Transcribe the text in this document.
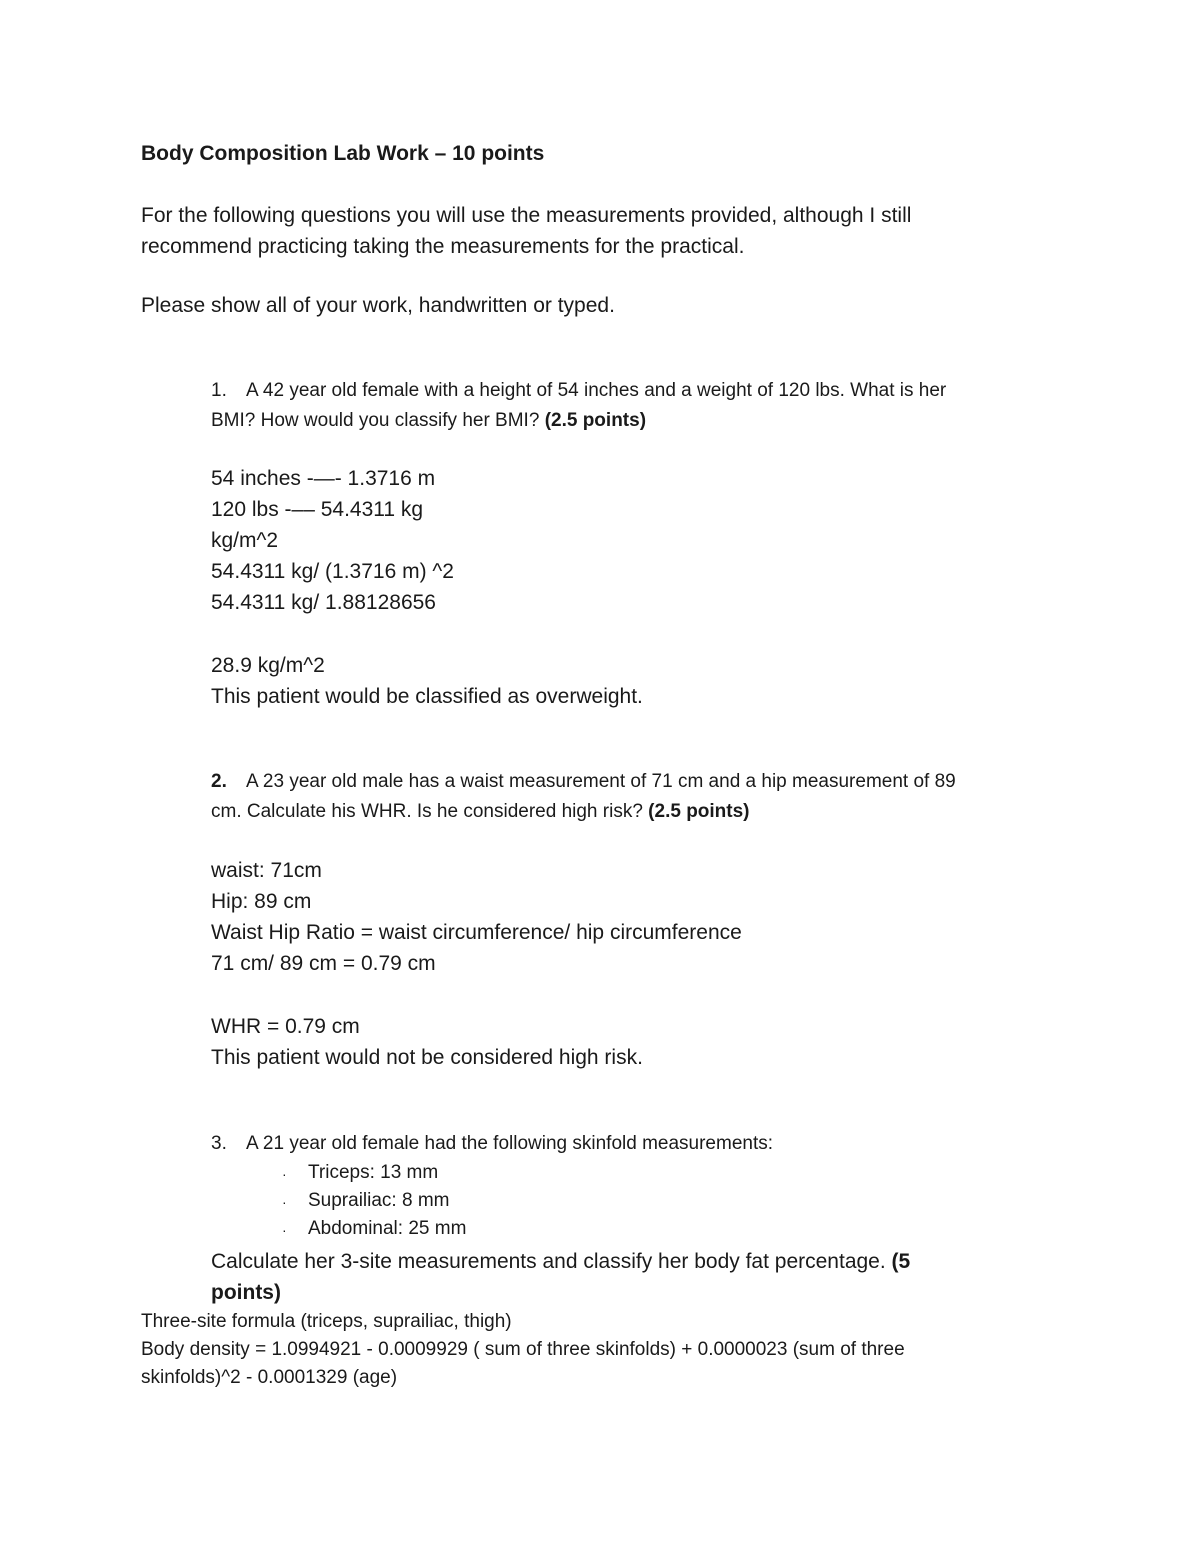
Body Composition Lab Work – 10 points
For the following questions you will use the measurements provided, although I still
recommend practicing taking the measurements for the practical.
Please show all of your work, handwritten or typed.
1. A 42 year old female with a height of 54 inches and a weight of 120 lbs. What is her
BMI? How would you classify her BMI? (2.5 points)
54 inches -—- 1.3716 m
120 lbs -–– 54.4311 kg
kg/m^2
54.4311 kg/ (1.3716 m) ^2
54.4311 kg/ 1.88128656
28.9 kg/m^2
This patient would be classified as overweight.
2. A 23 year old male has a waist measurement of 71 cm and a hip measurement of 89
cm. Calculate his WHR. Is he considered high risk? (2.5 points)
waist: 71cm
Hip: 89 cm
Waist Hip Ratio = waist circumference/ hip circumference
71 cm/ 89 cm = 0.79 cm
WHR = 0.79 cm
This patient would not be considered high risk.
3. A 21 year old female had the following skinfold measurements:
· Triceps: 13 mm
· Suprailiac: 8 mm
· Abdominal: 25 mm
Calculate her 3-site measurements and classify her body fat percentage. (5
points)
Three-site formula (triceps, suprailiac, thigh)
Body density = 1.0994921 - 0.0009929 ( sum of three skinfolds) + 0.0000023 (sum of three
skinfolds)^2 - 0.0001329 (age)
